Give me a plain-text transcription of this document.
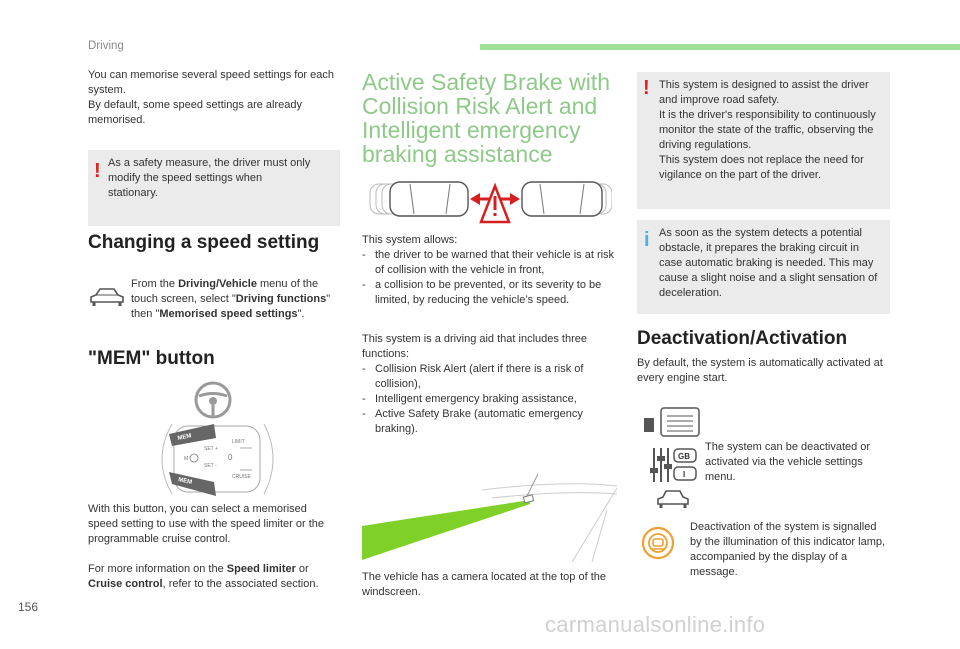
Driving

You can memorise several speed settings for each system.

By default, some speed settings are already memorised.

! As a safety measure, the driver must only modify the speed settings when stationary.
Changing a speed setting
From the Driving/Vehicle menu of the touch screen, select "Driving functions" then "Memorised speed settings".
"MEM" button
MEM
MEM
SET +
SET -
M	0
LIMIT
CRUISE
With this button, you can select a memorised speed setting to use with the speed limiter or the programmable cruise control.
For more information on the Speed limiter or Cruise control, refer to the associated section.
Active Safety Brake with
Collision Risk Alert and
Intelligent emergency
braking assistance

This system allows:

- the driver to be warned that their vehicle is at risk of collision with the vehicle in front,

- a collision to be prevented, or its severity to be limited, by reducing the vehicle’s speed.

This system is a driving aid that includes three functions:

- Collision Risk Alert (alert if there is a risk of collision),

- Intelligent emergency braking assistance,

- Active Safety Brake (automatic emergency braking).

The vehicle has a camera located at the top of the windscreen.
! This system is designed to assist the driver and improve road safety.

It is the driver's responsibility to continuously monitor the state of the traffic, observing the driving regulations.

This system does not replace the need for vigilance on the part of the driver.

i As soon as the system detects a potential obstacle, it prepares the braking circuit in case automatic braking is needed. This may cause a slight noise and a slight sensation of deceleration.
Deactivation/Activation
By default, the system is automatically activated at every engine start.
GB
I
The system can be deactivated or activated via the vehicle settings menu.
Deactivation of the system is signalled by the illumination of this indicator lamp, accompanied by the display of a message.
156
carmanualsonline.info
